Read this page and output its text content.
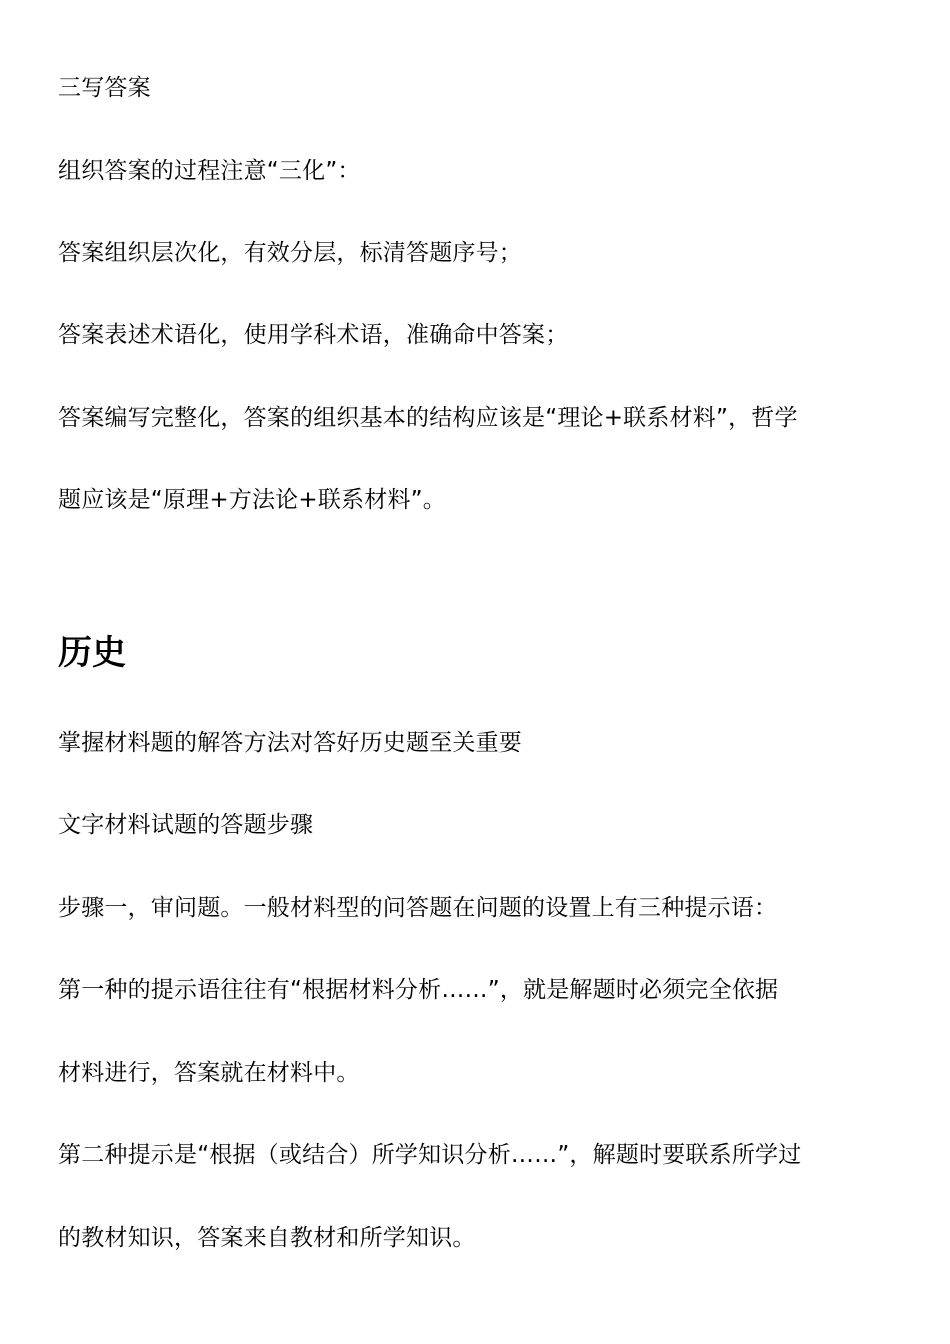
三写答案
组织答案的过程注意“三化”：
答案组织层次化，有效分层，标清答题序号；
答案表述术语化，使用学科术语，准确命中答案；
答案编写完整化，答案的组织基本的结构应该是“理论+联系材料”，哲学
题应该是“原理+方法论+联系材料”。
历史
掌握材料题的解答方法对答好历史题至关重要
文字材料试题的答题步骤
步骤一，审问题。一般材料型的问答题在问题的设置上有三种提示语：
第一种的提示语往往有“根据材料分析……”，就是解题时必须完全依据
材料进行，答案就在材料中。
第二种提示是“根据（或结合）所学知识分析……”，解题时要联系所学过
的教材知识，答案来自教材和所学知识。
